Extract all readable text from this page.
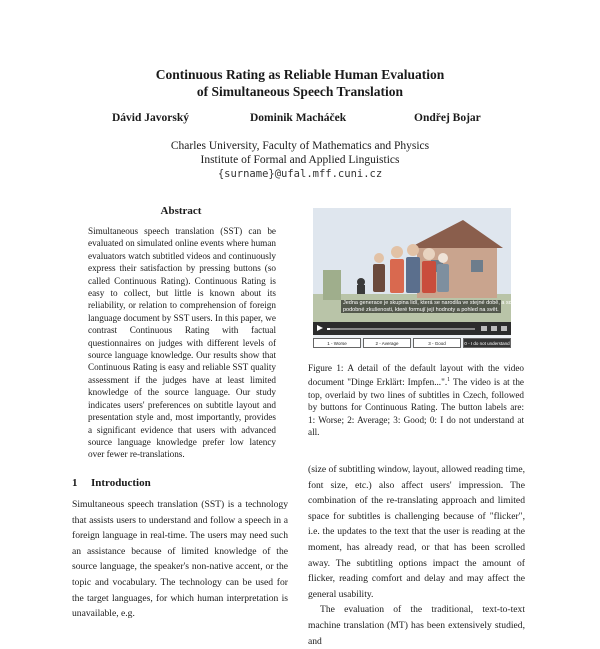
Continuous Rating as Reliable Human Evaluation
of Simultaneous Speech Translation
Dávid Javorský	Dominik Macháček	Ondřej Bojar
Charles University, Faculty of Mathematics and Physics
Institute of Formal and Applied Linguistics
{surname}@ufal.mff.cuni.cz
Abstract
Simultaneous speech translation (SST) can be evaluated on simulated online events where human evaluators watch subtitled videos and continuously express their satisfaction by pressing buttons (so called Continuous Rating). Continuous Rating is easy to collect, but little is known about its reliability, or relation to comprehension of foreign language document by SST users. In this paper, we contrast Continuous Rating with factual questionnaires on judges with different levels of source language knowledge. Our results show that Continuous Rating is easy and reliable SST quality assessment if the judges have at least limited knowledge of the source language. Our study indicates users' preferences on subtitle layout and presentation style and, most importantly, provides a significant evidence that users with advanced source language knowledge prefer low latency over fewer re-translations.
1 Introduction
Simultaneous speech translation (SST) is a technology that assists users to understand and follow a speech in a foreign language in real-time. The users may need such an assistance because of limited knowledge of the source language, the speaker's non-native accent, or the topic and vocabulary. The technology can be used for the target languages, for which human interpretation is unavailable, e.g.
Jedna generace je skupina lidí, která se narodila ve stejné době, a sdílí
podobné zkušenosti, které formují její hodnoty a pohled na svět.
1 - Worse	2 - Average	3 - Good	0 - I do not understand
Figure 1: A detail of the default layout with the video document "Dinge Erklärt: Impfen...".$^1$ The video is at the top, overlaid by two lines of subtitles in Czech, followed by buttons for Continuous Rating. The button labels are: 1: Worse; 2: Average; 3: Good; 0: I do not understand at all.
(size of subtitling window, layout, allowed reading time, font size, etc.) also affect users' impression. The combination of the re-translating approach and limited space for subtitles is challenging because of "flicker", i.e. the updates to the text that the user is reading at the moment, has already read, or that has been scrolled away. The subtitling options impact the amount of flicker, reading comfort and delay and may affect the general usability.
The evaluation of the traditional, text-to-text machine translation (MT) has been extensively studied, and
